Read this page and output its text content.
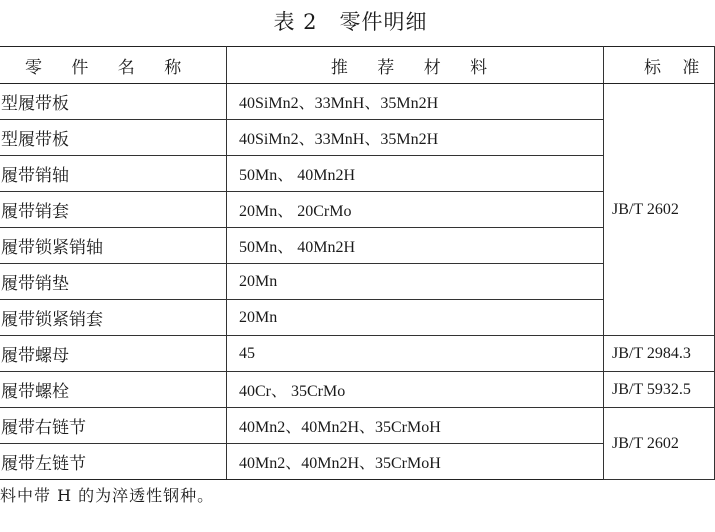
表 2　零件明细
零 件 名 称	推 荐 材 料	标 准
型履带板	40SiMn2、33MnH、35Mn2H	JB/T 2602
型履带板	40SiMn2、33MnH、35Mn2H	
履带销轴	50Mn、 40Mn2H	
履带销套	20Mn、 20CrMo	
履带锁紧销轴	50Mn、 40Mn2H	
履带销垫	20Mn	
履带锁紧销套	20Mn	
履带螺母	45	JB/T 2984.3
履带螺栓	40Cr、 35CrMo	JB/T 5932.5
履带右链节	40Mn2、40Mn2H、35CrMoH	JB/T 2602
履带左链节	40Mn2、40Mn2H、35CrMoH	
料中带 H 的为淬透性钢种。
